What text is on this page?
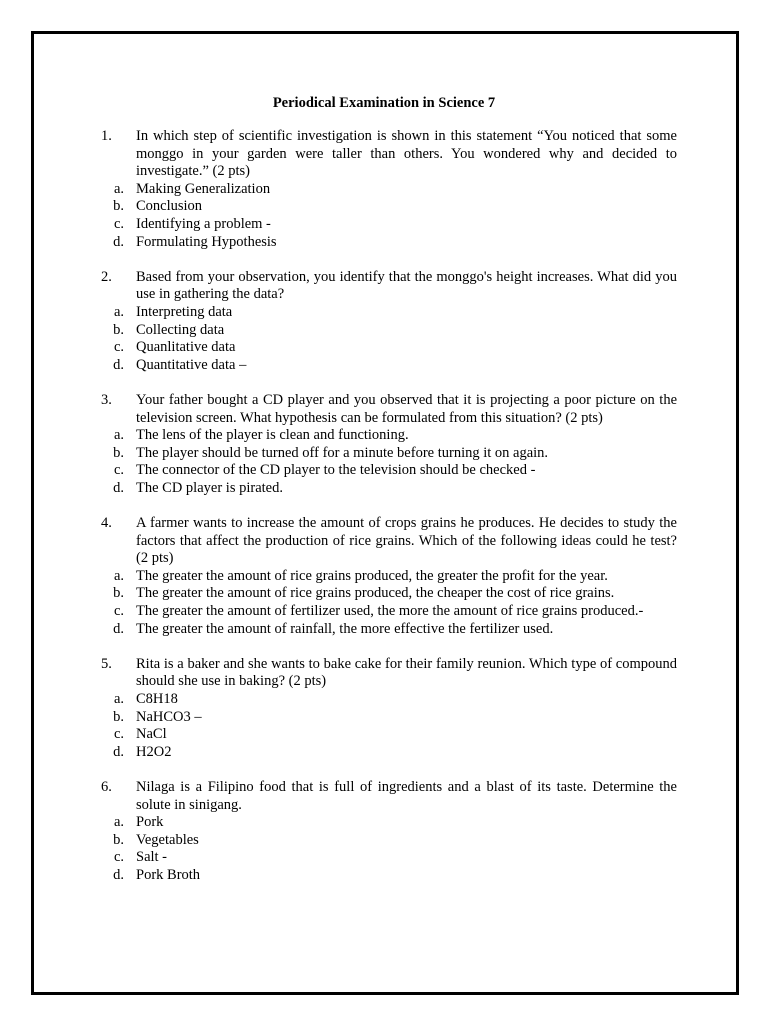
Periodical Examination in Science 7
1.	In which step of scientific investigation is shown in this statement “You noticed that some monggo in your garden were taller than others. You wondered why and decided to investigate.” (2 pts)
a. Making Generalization
b. Conclusion
c. Identifying a problem -
d. Formulating Hypothesis
2.	Based from your observation, you identify that the monggo's height increases. What did you use in gathering the data?
a. Interpreting data
b. Collecting data
c. Quanlitative data
d. Quantitative data –
3.	Your father bought a CD player and you observed that it is projecting a poor picture on the television screen. What hypothesis can be formulated from this situation? (2 pts)
a. The lens of the player is clean and functioning.
b. The player should be turned off for a minute before turning it on again.
c. The connector of the CD player to the television should be checked -
d. The CD player is pirated.
4.	A farmer wants to increase the amount of crops grains he produces. He decides to study the factors that affect the production of rice grains. Which of the following ideas could he test? (2 pts)
a. The greater the amount of rice grains produced, the greater the profit for the year.
b. The greater the amount of rice grains produced, the cheaper the cost of rice grains.
c. The greater the amount of fertilizer used, the more the amount of rice grains produced.-
d. The greater the amount of rainfall, the more effective the fertilizer used.
5.	Rita is a baker and she wants to bake cake for their family reunion. Which type of compound should she use in baking? (2 pts)
a. C8H18
b. NaHCO3 –
c. NaCl
d. H2O2
6.	Nilaga is a Filipino food that is full of ingredients and a blast of its taste. Determine the solute in sinigang.
a. Pork
b. Vegetables
c. Salt -
d. Pork Broth
